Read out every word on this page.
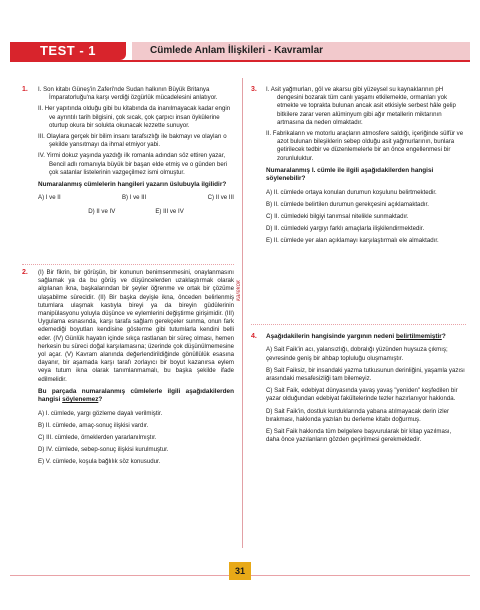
TEST - 1	Cümlede Anlam İlişkileri - Kavramlar
karekök
1. I. Son kitabı Güneş'in Zaferi'nde Sudan halkının Büyük Britanya İmparatorluğu'na karşı verdiği özgürlük mücadelesini anlatıyor.
II. Her yapıtında olduğu gibi bu kitabında da inanılmayacak kadar engin ve ayrıntılı tarih bilgisini, çok sıcak, çok çarpıcı insan öykülerine oturtup okura bir solukta okunacak lezzette sunuyor.
III. Olaylara gerçek bir bilim insanı tarafsızlığı ile bakmayı ve olayları o şekilde yansıtmayı da ihmal etmiyor yabi.
IV. Yirmi dokuz yaşında yazdığı ilk romanla adından söz ettiren yazar, Bencil adlı romanıyla büyük bir başarı elde etmiş ve o günden beri çok satanlar listelerinin vazgeçilmez ismi olmuştur.
Numaralanmış cümlelerin hangileri yazarın üslubuyla ilgilidir?
A) I ve II	B) I ve III	C) II ve III
D) II ve IV	E) III ve IV
2. (I) Bir fikrin, bir görüşün, bir konunun benimsenmesini, onaylanmasını sağlamak ya da bu görüş ve düşüncelerden uzaklaştırmak olarak algılanan ikna, başkalarından bir şeyler öğrenme ve ortak bir çözüme ulaşabilme sürecidir. (II) Bir başka deyişle ikna, önceden belirlenmiş tutumlara ulaşmak kastıyla bireyi ya da bireyin güdülerinin manipülasyonu yoluyla düşünce ve eylemlerini değiştirme girişimidir. (III) Uygulama esnasında, karşı tarafa sağlam gerekçeler sunma, onun fark edemediği boyutları kendisine gösterme gibi tutumlarla kendini belli eder. (IV) Günlük hayatın içinde sıkça rastlanan bir süreç olması, hemen herkesin bu süreci doğal karşılamasına; üzerinde çok düşünülmemesine yol açar. (V) Kavram alanında değerlendirildiğinde gönüllülük esasına dayanır, bir aşamada karşı tarafı zorlayıcı bir boyut kazanırsa eylem veya tutum ikna olarak tanımlanmamalı, bu başka şekilde ifade edilmelidir.
Bu parçada numaralanmış cümlelerle ilgili aşağıdakilerden hangisi söylenemez?
A) I. cümlede, yargı gözleme dayalı verilmiştir.
B) II. cümlede, amaç-sonuç ilişkisi vardır.
C) III. cümlede, örneklerden yararlanılmıştır.
D) IV. cümlede, sebep-sonuç ilişkisi kurulmuştur.
E) V. cümlede, koşula bağlılık söz konusudur.
3. I. Asit yağmurları, göl ve akarsu gibi yüzeysel su kaynaklarının pH dengesini bozarak tüm canlı yaşamı etkilemekte, ormanları yok etmekte ve toprakta bulunan ancak asit etkisiyle serbest hâle gelip bitkilere zarar veren alüminyum gibi ağır metallerin miktarının artmasına da neden olmaktadır.
II. Fabrikaların ve motorlu araçların atmosfere saldığı, içeriğinde sülfür ve azot bulunan bileşiklerin sebep olduğu asit yağmurlarının, bunlara getirilecek tedbir ve düzenlemelerle bir an önce engellenmesi bir zorunluluktur.
Numaralanmış I. cümle ile ilgili aşağıdakilerden hangisi söylenebilir?
A) II. cümlede ortaya konulan durumun koşulunu belirtmektedir.
B) II. cümlede belirtilen durumun gerekçesini açıklamaktadır.
C) II. cümledeki bilgiyi tanımsal nitelikle sunmaktadır.
D) II. cümledeki yargıyı farklı amaçlarla ilişkilendirmektedir.
E) II. cümlede yer alan açıklamayı karşılaştırmalı ele almaktadır.
4. Aşağıdakilerin hangisinde yargının nedeni belirtilmemiştir?
A) Sait Faik'in acı, yalansızlığı, dobralığı yüzünden huysuza çıkmış; çevresinde geniş bir ahbap topluluğu oluşmamıştır.
B) Sait Faiksiz, bir insandaki yazma tutkusunun derinliğini, yaşamla yazısı arasındaki mesafesizliği tam bilemeyiz.
C) Sait Faik, edebiyat dünyasında yavaş yavaş "yeniden" keşfedilen bir yazar olduğundan edebiyat fakültelerinde tezler hazırlanıyor hakkında.
D) Sait Faik'in, dostluk kurduklarında yabana atılmayacak derin izler bırakması, hakkında yazılan bu derleme kitabı doğurmuş.
E) Sait Faik hakkında tüm belgelere başvurularak bir kitap yazılması, daha önce yazılanların gözden geçirilmesi gerekmektedir.
31
